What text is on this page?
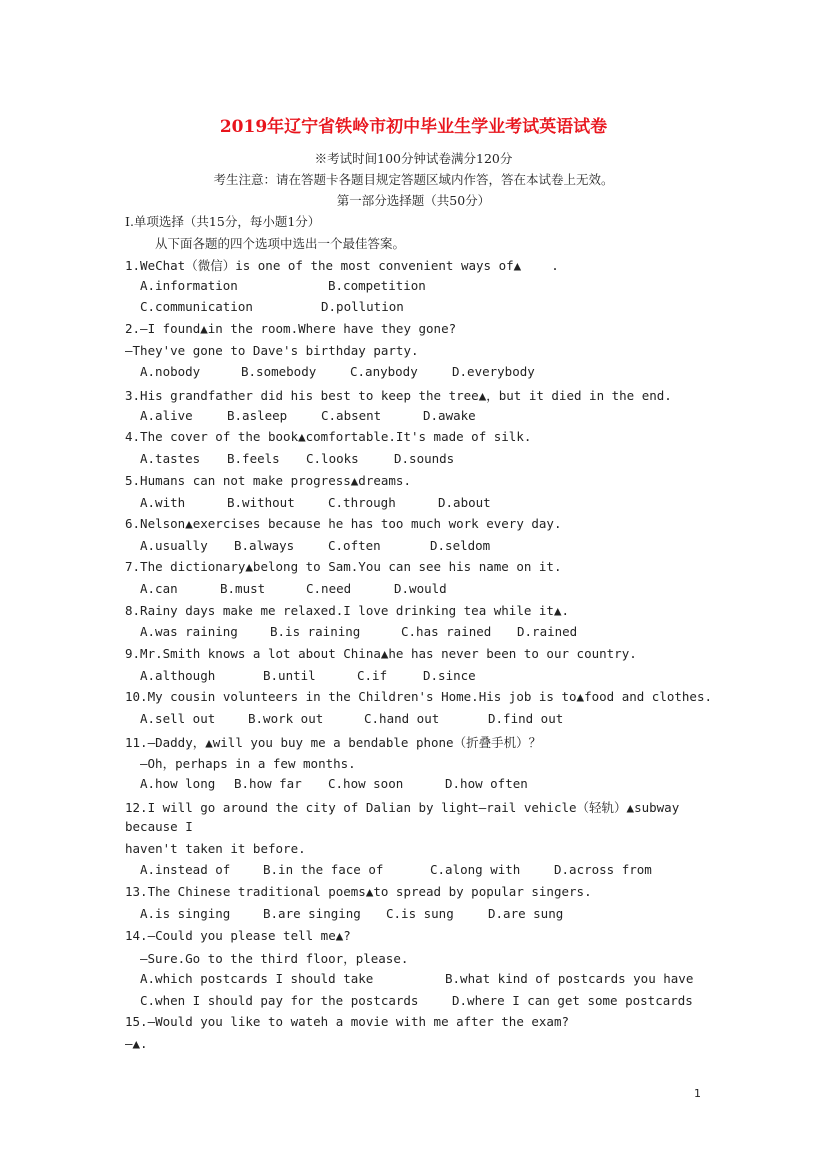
2019年辽宁省铁岭市初中毕业生学业考试英语试卷
※考试时间100分钟试卷满分120分
考生注意：请在答题卡各题目规定答题区域内作答，答在本试卷上无效。
第一部分选择题（共50分）
I.单项选择（共15分，每小题1分）
从下面各题的四个选项中选出一个最佳答案。
1.WeChat（微信）is one of the most convenient ways of▲    .

A.information

	B.competition

C.communication

	D.pollution

2.—I found▲in the room.Where have they gone?
—They've gone to Dave's birthday party.

A.nobody

	B.somebody

	C.anybody

	D.everybody

3.His grandfather did his best to keep the tree▲，but it died in the end.

A.alive

	B.asleep

	C.absent

	D.awake

4.The cover of the book▲comfortable.It's made of silk.

A.tastes

B.feels

C.looks

	D.sounds

5.Humans can not make progress▲dreams.

A.with

	B.without

	C.through

	D.about

6.Nelson▲exercises because he has too much work every day.

A.usually

B.always

	C.often

	D.seldom

7.The dictionary▲belong to Sam.You can see his name on it.

A.can

	B.must

	C.need

	D.would

8.Rainy days make me relaxed.I love drinking tea while it▲.

A.was raining

	B.is raining

	C.has rained

D.rained

9.Mr.Smith knows a lot about China▲he has never been to our country.

A.although

	B.until

	C.if

	D.since

10.My cousin volunteers in the Children's Home.His job is to▲food and clothes.

A.sell out

	B.work out

	C.hand out

	D.find out

11.—Daddy，▲will you buy me a bendable phone（折叠手机）？
—Oh，perhaps in a few months.

A.how long

B.how far

C.how soon

	D.how often

12.I will go around the city of Dalian by light—rail vehicle（轻轨）▲subway
because I
haven't taken it before.

A.instead of

	B.in the face of

	C.along with

	D.across from

13.The Chinese traditional poems▲to spread by popular singers.

A.is singing

	B.are singing

C.is sung

	D.are sung

14.—Could you please tell me▲?
—Sure.Go to the third floor，please.

A.which postcards I should take

	B.what kind of postcards you have

C.when I should pay for the postcards

	D.where I can get some postcards

15.—Would you like to wateh a movie with me after the exam?
—▲.
1
